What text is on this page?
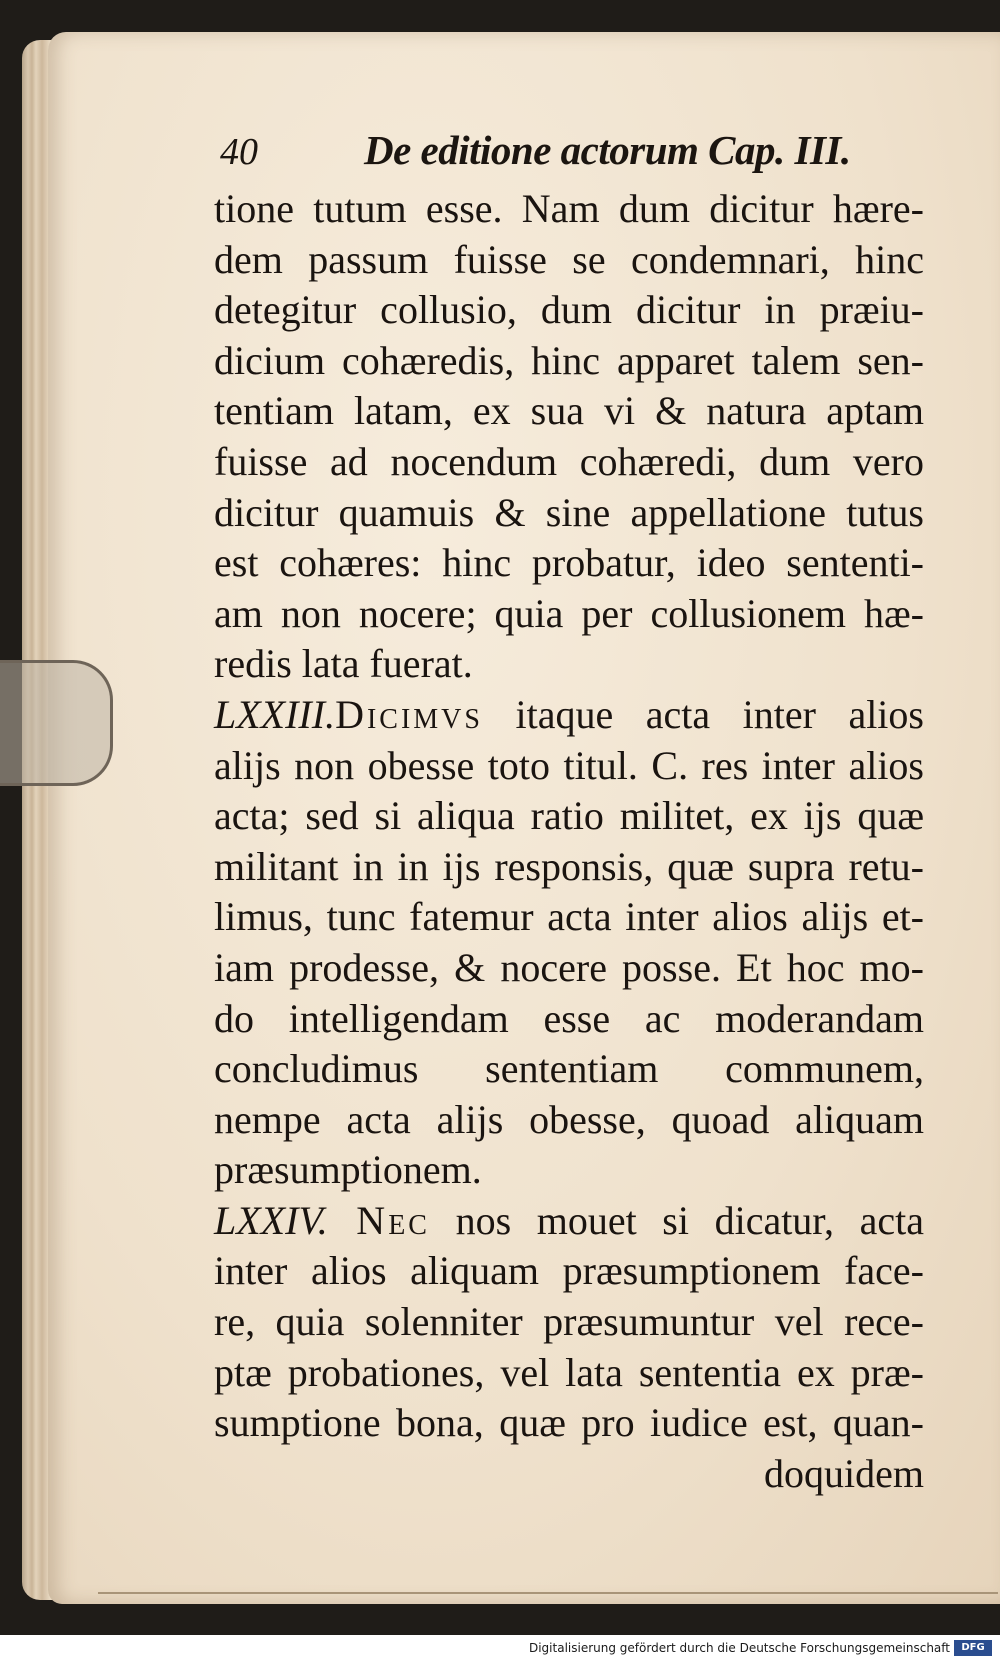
40	De editione actorum Cap. III.
tione tutum esse. Nam dum dicitur hære-
dem passum fuisse se condemnari, hinc
detegitur collusio, dum dicitur in præiu-
dicium cohæredis, hinc apparet talem sen-
tentiam latam, ex sua vi & natura aptam
fuisse ad nocendum cohæredi, dum vero
dicitur quamuis & sine appellatione tutus
est cohæres: hinc probatur, ideo sententi-
am non nocere; quia per collusionem hæ-
redis lata fuerat.
LXXIII.Dicimvs itaque acta inter alios
alijs non obesse toto titul. C. res inter alios
acta; sed si aliqua ratio militet, ex ijs quæ
militant in in ijs responsis, quæ supra retu-
limus, tunc fatemur acta inter alios alijs et-
iam prodesse, & nocere posse. Et hoc mo-
do intelligendam esse ac moderandam
concludimus sententiam communem,
nempe acta alijs obesse, quoad aliquam
præsumptionem.
LXXIV. Nec nos mouet si dicatur, acta
inter alios aliquam præsumptionem face-
re, quia solenniter præsumuntur vel rece-
ptæ probationes, vel lata sententia ex præ-
sumptione bona, quæ pro iudice est, quan-
doquidem
Digitalisierung gefördert durch die Deutsche Forschungsgemeinschaft	DFG
